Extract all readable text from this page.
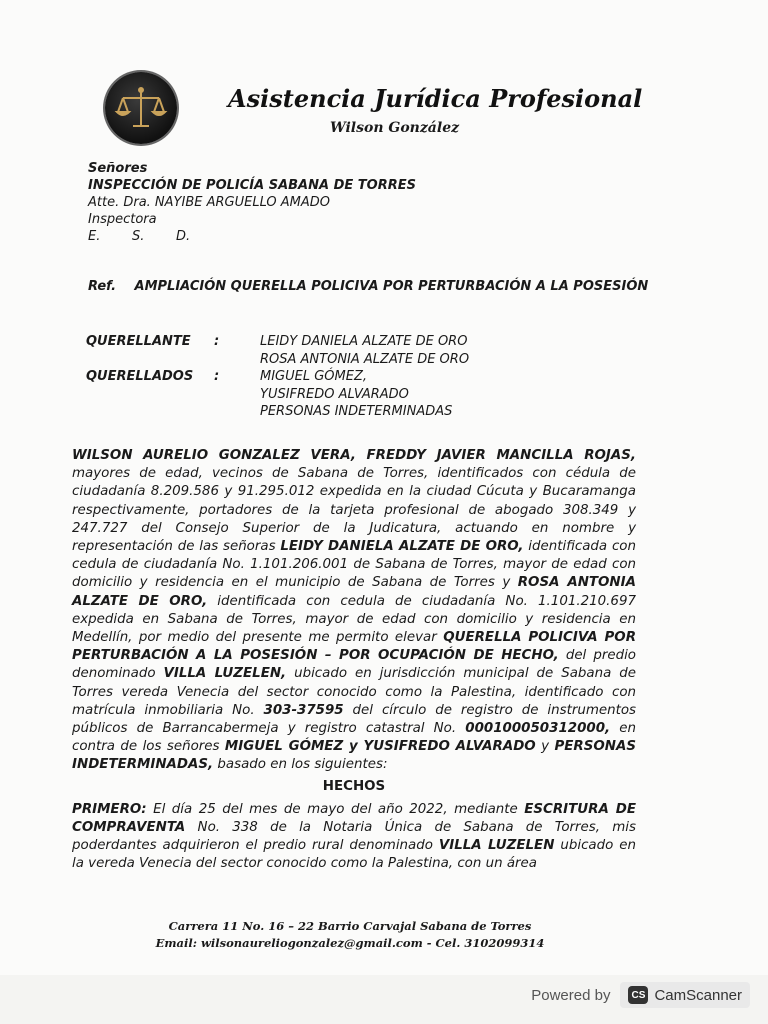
Asistencia Jurídica Profesional
Wilson González
Señores
INSPECCIÓN DE POLICÍA SABANA DE TORRES
Atte. Dra. NAYIBE ARGUELLO AMADO
Inspectora
E. S. D.
Ref. AMPLIACIÓN QUERELLA POLICIVA POR PERTURBACIÓN A LA POSESIÓN
QUERELLANTE	:	LEIDY DANIELA ALZATE DE ORO
ROSA ANTONIA ALZATE DE ORO
QUERELLADOS	:	MIGUEL GÓMEZ,
YUSIFREDO ALVARADO
PERSONAS INDETERMINADAS

WILSON AURELIO GONZALEZ VERA, FREDDY JAVIER MANCILLA ROJAS, mayores de edad, vecinos de Sabana de Torres, identificados con cédula de ciudadanía 8.209.586 y 91.295.012 expedida en la ciudad Cúcuta y Bucaramanga respectivamente, portadores de la tarjeta profesional de abogado 308.349 y 247.727 del Consejo Superior de la Judicatura, actuando en nombre y representación de las señoras LEIDY DANIELA ALZATE DE ORO, identificada con cedula de ciudadanía No. 1.101.206.001 de Sabana de Torres, mayor de edad con domicilio y residencia en el municipio de Sabana de Torres y ROSA ANTONIA ALZATE DE ORO, identificada con cedula de ciudadanía No. 1.101.210.697 expedida en Sabana de Torres, mayor de edad con domicilio y residencia en Medellín, por medio del presente me permito elevar QUERELLA POLICIVA POR PERTURBACIÓN A LA POSESIÓN – POR OCUPACIÓN DE HECHO, del predio denominado VILLA LUZELEN, ubicado en jurisdicción municipal de Sabana de Torres vereda Venecia del sector conocido como la Palestina, identificado con matrícula inmobiliaria No. 303-37595 del círculo de registro de instrumentos públicos de Barrancabermeja y registro catastral No. 000100050312000, en contra de los señores MIGUEL GÓMEZ y YUSIFREDO ALVARADO y PERSONAS INDETERMINADAS, basado en los siguientes:

HECHOS

PRIMERO: El día 25 del mes de mayo del año 2022, mediante ESCRITURA DE COMPRAVENTA No. 338 de la Notaria Única de Sabana de Torres, mis poderdantes adquirieron el predio rural denominado VILLA LUZELEN ubicado en la vereda Venecia del sector conocido como la Palestina, con un área

Carrera 11 No. 16 – 22 Barrio Carvajal Sabana de Torres
Email: wilsonaureliogonzalez@gmail.com - Cel. 3102099314
Powered by	CS CamScanner
